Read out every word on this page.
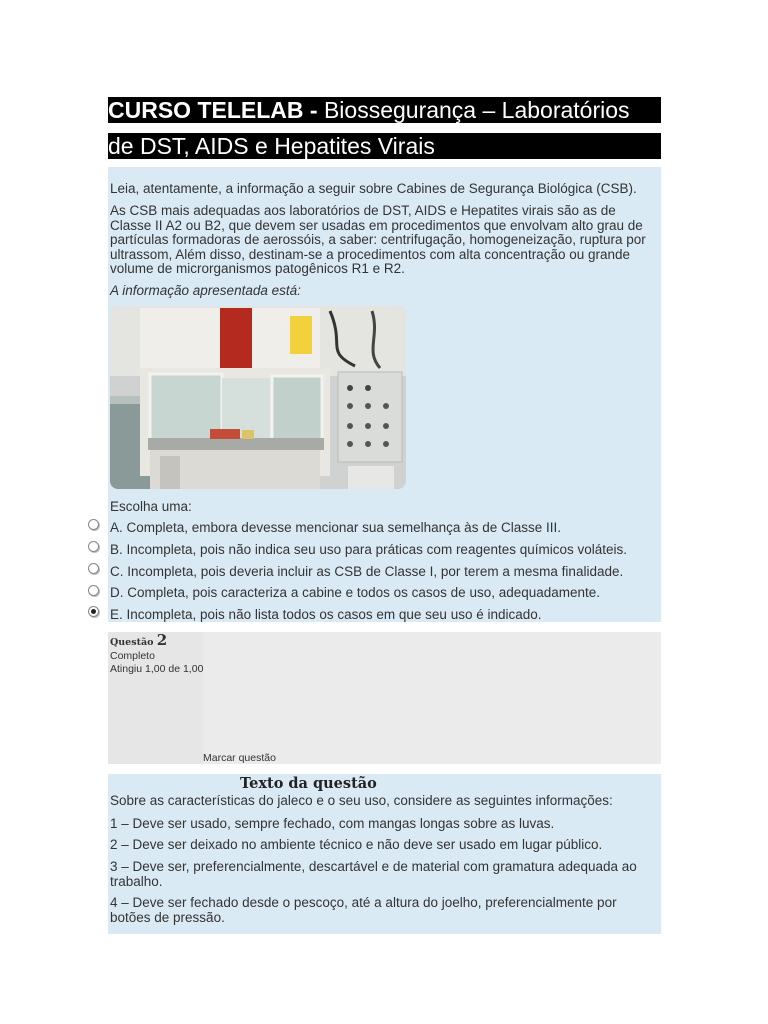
CURSO TELELAB - Biossegurança – Laboratórios
de DST, AIDS e Hepatites Virais
Leia, atentamente, a informação a seguir sobre Cabines de Segurança Biológica (CSB).
As CSB mais adequadas aos laboratórios de DST, AIDS e Hepatites virais são as de Classe II A2 ou B2, que devem ser usadas em procedimentos que envolvam alto grau de partículas formadoras de aerossóis, a saber: centrifugação, homogeneização, ruptura por ultrassom, Além disso, destinam-se a procedimentos com alta concentração ou grande volume de microrganismos patogênicos R1 e R2.
A informação apresentada está:
Escolha uma:
A. Completa, embora devesse mencionar sua semelhança às de Classe III.
B. Incompleta, pois não indica seu uso para práticas com reagentes químicos voláteis.
C. Incompleta, pois deveria incluir as CSB de Classe I, por terem a mesma finalidade.
D. Completa, pois caracteriza a cabine e todos os casos de uso, adequadamente.
E. Incompleta, pois não lista todos os casos em que seu uso é indicado.
Questão 2
Completo
Atingiu 1,00 de 1,00
Marcar questão
Texto da questão
Sobre as características do jaleco e o seu uso, considere as seguintes informações:
1 – Deve ser usado, sempre fechado, com mangas longas sobre as luvas.
2 – Deve ser deixado no ambiente técnico e não deve ser usado em lugar público.
3 – Deve ser, preferencialmente, descartável e de material com gramatura adequada ao trabalho.
4 – Deve ser fechado desde o pescoço, até a altura do joelho, preferencialmente por botões de pressão.
